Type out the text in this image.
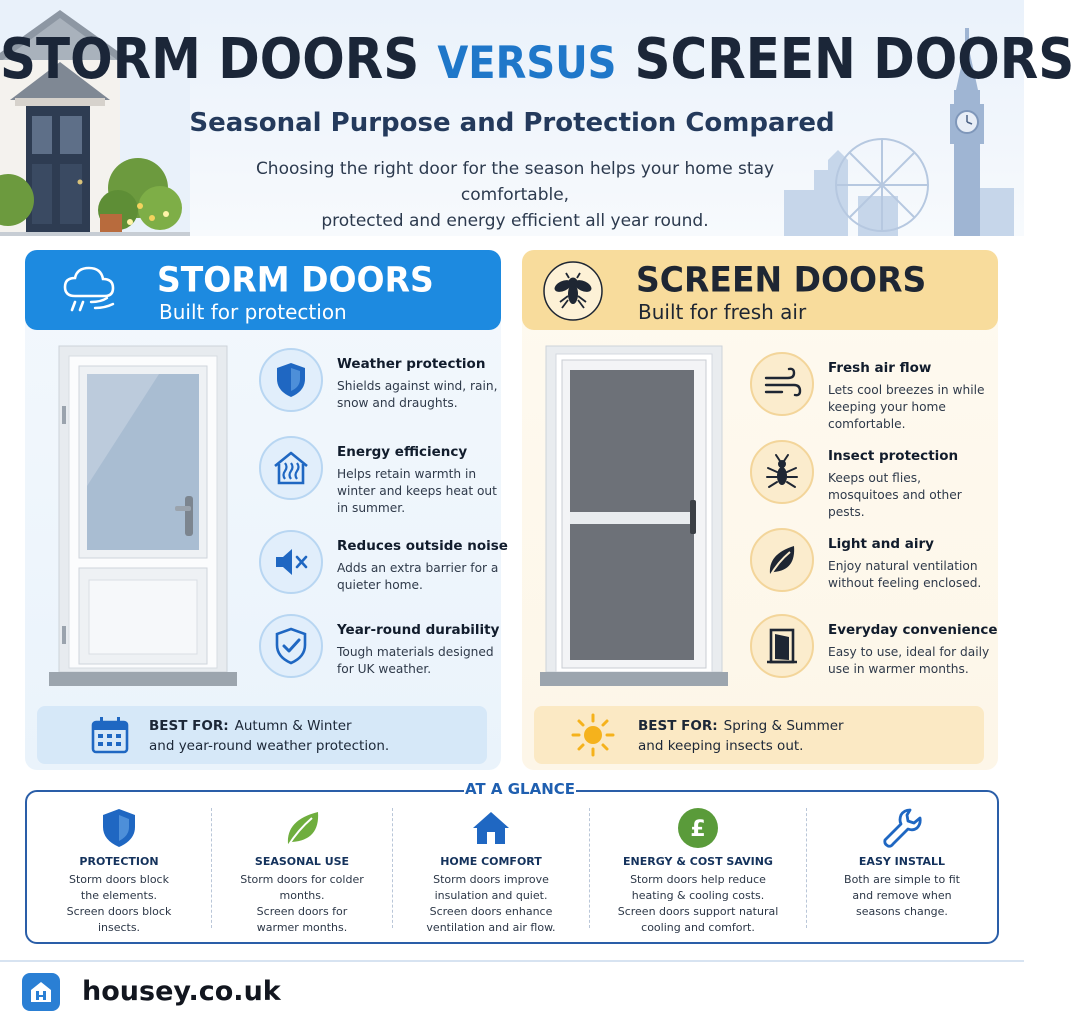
STORM DOORS VERSUS SCREEN DOORS
Seasonal Purpose and Protection Compared
Choosing the right door for the season helps your home stay comfortable,
protected and energy efficient all year round.
STORM DOORS
Built for protection
Weather protection
Shields against wind, rain, snow and draughts.
Energy efficiency
Helps retain warmth in winter and keeps heat out in summer.
Reduces outside noise
Adds an extra barrier for a quieter home.
Year-round durability
Tough materials designed for UK weather.
BEST FOR: Autumn & Winter
and year-round weather protection.
SCREEN DOORS
Built for fresh air
Fresh air flow
Lets cool breezes in while keeping your home comfortable.
Insect protection
Keeps out flies, mosquitoes and other pests.
Light and airy
Enjoy natural ventilation without feeling enclosed.
Everyday convenience
Easy to use, ideal for daily use in warmer months.
BEST FOR: Spring & Summer
and keeping insects out.
AT A GLANCE
PROTECTION
Storm doors block
the elements.
Screen doors block
insects.
SEASONAL USE
Storm doors for colder
months.
Screen doors for
warmer months.
HOME COMFORT
Storm doors improve
insulation and quiet.
Screen doors enhance
ventilation and air flow.
£
ENERGY & COST SAVING
Storm doors help reduce
heating & cooling costs.
Screen doors support natural
cooling and comfort.
EASY INSTALL
Both are simple to fit
and remove when
seasons change.
housey.co.uk
